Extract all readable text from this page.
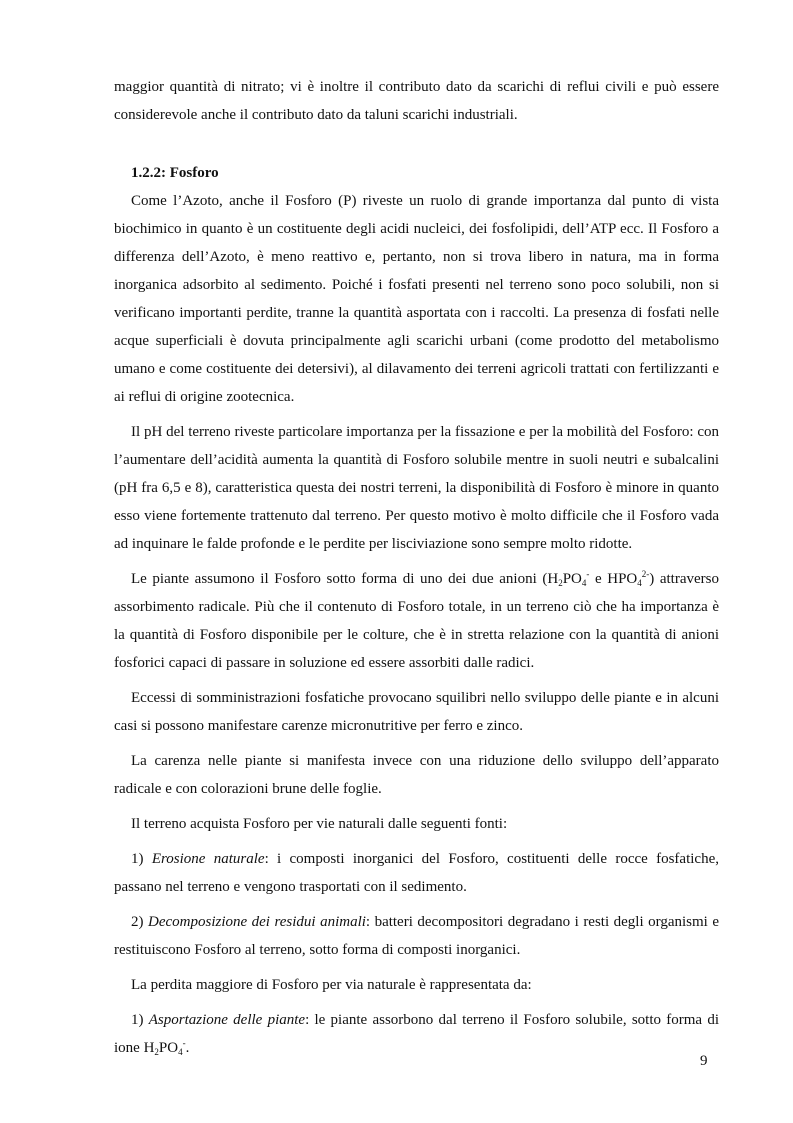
maggior quantità di nitrato; vi è inoltre il contributo dato da scarichi di reflui civili e può essere considerevole anche il contributo dato da taluni scarichi industriali.

1.2.2: Fosforo

Come l’Azoto, anche il Fosforo (P) riveste un ruolo di grande importanza dal punto di vista biochimico in quanto è un costituente degli acidi nucleici, dei fosfolipidi, dell’ATP ecc. Il Fosforo a differenza dell’Azoto, è meno reattivo e, pertanto, non si trova libero in natura, ma in forma inorganica adsorbito al sedimento. Poiché i fosfati presenti nel terreno sono poco solubili, non si verificano importanti perdite, tranne la quantità asportata con i raccolti. La presenza di fosfati nelle acque superficiali è dovuta principalmente agli scarichi urbani (come prodotto del metabolismo umano e come costituente dei detersivi), al dilavamento dei terreni agricoli trattati con fertilizzanti e ai reflui di origine zootecnica.

Il pH del terreno riveste particolare importanza per la fissazione e per la mobilità del Fosforo: con l’aumentare dell’acidità aumenta la quantità di Fosforo solubile mentre in suoli neutri e subalcalini (pH fra 6,5 e 8), caratteristica questa dei nostri terreni, la disponibilità di Fosforo è minore in quanto esso viene fortemente trattenuto dal terreno. Per questo motivo è molto difficile che il Fosforo vada ad inquinare le falde profonde e le perdite per lisciviazione sono sempre molto ridotte.

Le piante assumono il Fosforo sotto forma di uno dei due anioni ($H_2PO_4^-$ e $HPO_4^{2-}$) attraverso assorbimento radicale. Più che il contenuto di Fosforo totale, in un terreno ciò che ha importanza è la quantità di Fosforo disponibile per le colture, che è in stretta relazione con la quantità di anioni fosforici capaci di passare in soluzione ed essere assorbiti dalle radici.

Eccessi di somministrazioni fosfatiche provocano squilibri nello sviluppo delle piante e in alcuni casi si possono manifestare carenze micronutritive per ferro e zinco.

La carenza nelle piante si manifesta invece con una riduzione dello sviluppo dell’apparato radicale e con colorazioni brune delle foglie.

Il terreno acquista Fosforo per vie naturali dalle seguenti fonti:

1) Erosione naturale: i composti inorganici del Fosforo, costituenti delle rocce fosfatiche, passano nel terreno e vengono trasportati con il sedimento.

2) Decomposizione dei residui animali: batteri decompositori degradano i resti degli organismi e restituiscono Fosforo al terreno, sotto forma di composti inorganici.

La perdita maggiore di Fosforo per via naturale è rappresentata da:

1) Asportazione delle piante: le piante assorbono dal terreno il Fosforo solubile, sotto forma di ione $H_2PO_4^-$.

9
